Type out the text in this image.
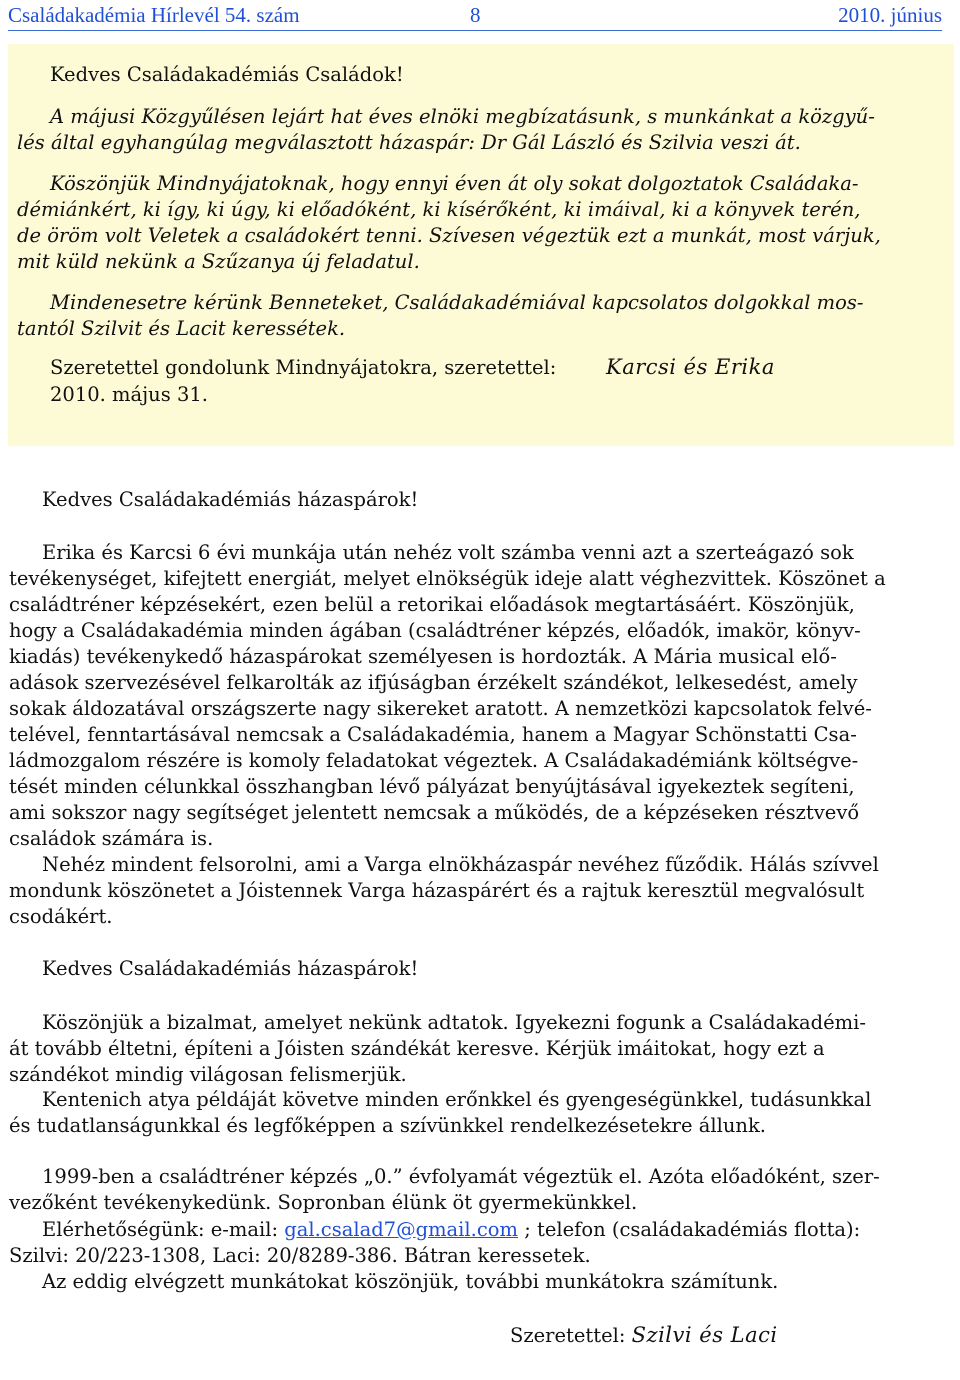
Családakadémia Hírlevél 54. szám	8	2010. június
Kedves Családakadémiás Családok!
A májusi Közgyűlésen lejárt hat éves elnöki megbízatásunk, s munkánkat a közgyű-
lés által egyhangúlag megválasztott házaspár: Dr Gál László és Szilvia veszi át.
Köszönjük Mindnyájatoknak, hogy ennyi éven át oly sokat dolgoztatok Családaka-
démiánkért, ki így, ki úgy, ki előadóként, ki kísérőként, ki imáival, ki a könyvek terén,
de öröm volt Veletek a családokért tenni. Szívesen végeztük ezt a munkát, most várjuk,
mit küld nekünk a Szűzanya új feladatul.
Mindenesetre kérünk Benneteket, Családakadémiával kapcsolatos dolgokkal mos-
tantól Szilvit és Lacit keressétek.
Szeretettel gondolunk Mindnyájatokra, szeretettel: Karcsi és Erika
2010. május 31.
Kedves Családakadémiás házaspárok!
Erika és Karcsi 6 évi munkája után nehéz volt számba venni azt a szerteágazó sok
tevékenységet, kifejtett energiát, melyet elnökségük ideje alatt véghezvittek. Köszönet a
családtréner képzésekért, ezen belül a retorikai előadások megtartásáért. Köszönjük,
hogy a Családakadémia minden ágában (családtréner képzés, előadók, imakör, könyv-
kiadás) tevékenykedő házaspárokat személyesen is hordozták. A Mária musical elő-
adások szervezésével felkarolták az ifjúságban érzékelt szándékot, lelkesedést, amely
sokak áldozatával országszerte nagy sikereket aratott. A nemzetközi kapcsolatok felvé-
telével, fenntartásával nemcsak a Családakadémia, hanem a Magyar Schönstatti Csa-
ládmozgalom részére is komoly feladatokat végeztek. A Családakadémiánk költségve-
tését minden célunkkal összhangban lévő pályázat benyújtásával igyekeztek segíteni,
ami sokszor nagy segítséget jelentett nemcsak a működés, de a képzéseken résztvevő
családok számára is.
Nehéz mindent felsorolni, ami a Varga elnökházaspár nevéhez fűződik. Hálás szívvel
mondunk köszönetet a Jóistennek Varga házaspárért és a rajtuk keresztül megvalósult
csodákért.
Kedves Családakadémiás házaspárok!
Köszönjük a bizalmat, amelyet nekünk adtatok. Igyekezni fogunk a Családakadémi-
át tovább éltetni, építeni a Jóisten szándékát keresve. Kérjük imáitokat, hogy ezt a
szándékot mindig világosan felismerjük.
Kentenich atya példáját követve minden erőnkkel és gyengeségünkkel, tudásunkkal
és tudatlanságunkkal és legfőképpen a szívünkkel rendelkezésetekre állunk.
1999-ben a családtréner képzés „0.” évfolyamát végeztük el. Azóta előadóként, szer-
vezőként tevékenykedünk. Sopronban élünk öt gyermekünkkel.
Elérhetőségünk: e-mail: gal.csalad7@gmail.com ; telefon (családakadémiás flotta):
Szilvi: 20/223-1308, Laci: 20/8289-386. Bátran keressetek.
Az eddig elvégzett munkátokat köszönjük, további munkátokra számítunk.
Szeretettel: Szilvi és Laci
